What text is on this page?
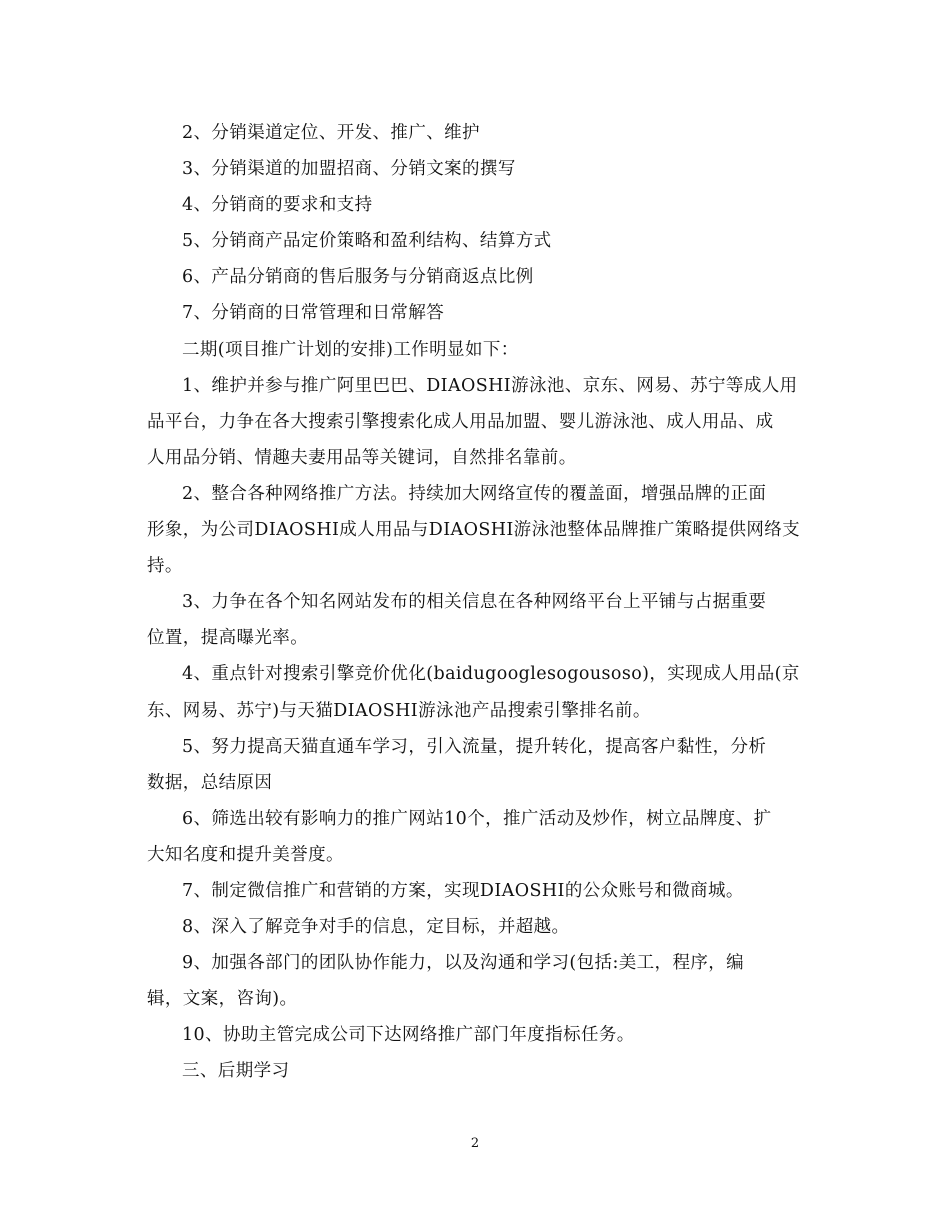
2、分销渠道定位、开发、推广、维护
3、分销渠道的加盟招商、分销文案的撰写
4、分销商的要求和支持
5、分销商产品定价策略和盈利结构、结算方式
6、产品分销商的售后服务与分销商返点比例
7、分销商的日常管理和日常解答
二期(项目推广计划的安排)工作明显如下：
1、维护并参与推广阿里巴巴、DIAOSHI游泳池、京东、网易、苏宁等成人用
品平台，力争在各大搜索引擎搜索化成人用品加盟、婴儿游泳池、成人用品、成
人用品分销、情趣夫妻用品等关键词，自然排名靠前。
2、整合各种网络推广方法。持续加大网络宣传的覆盖面，增强品牌的正面
形象，为公司DIAOSHI成人用品与DIAOSHI游泳池整体品牌推广策略提供网络支
持。
3、力争在各个知名网站发布的相关信息在各种网络平台上平铺与占据重要
位置，提高曝光率。
4、重点针对搜索引擎竞价优化(baidugooglesogousoso)，实现成人用品(京
东、网易、苏宁)与天猫DIAOSHI游泳池产品搜索引擎排名前。
5、努力提高天猫直通车学习，引入流量，提升转化，提高客户黏性，分析
数据，总结原因
6、筛选出较有影响力的推广网站10个，推广活动及炒作，树立品牌度、扩
大知名度和提升美誉度。
7、制定微信推广和营销的方案，实现DIAOSHI的公众账号和微商城。
8、深入了解竞争对手的信息，定目标，并超越。
9、加强各部门的团队协作能力，以及沟通和学习(包括:美工，程序，编
辑，文案，咨询)。
10、协助主管完成公司下达网络推广部门年度指标任务。
三、后期学习
2
